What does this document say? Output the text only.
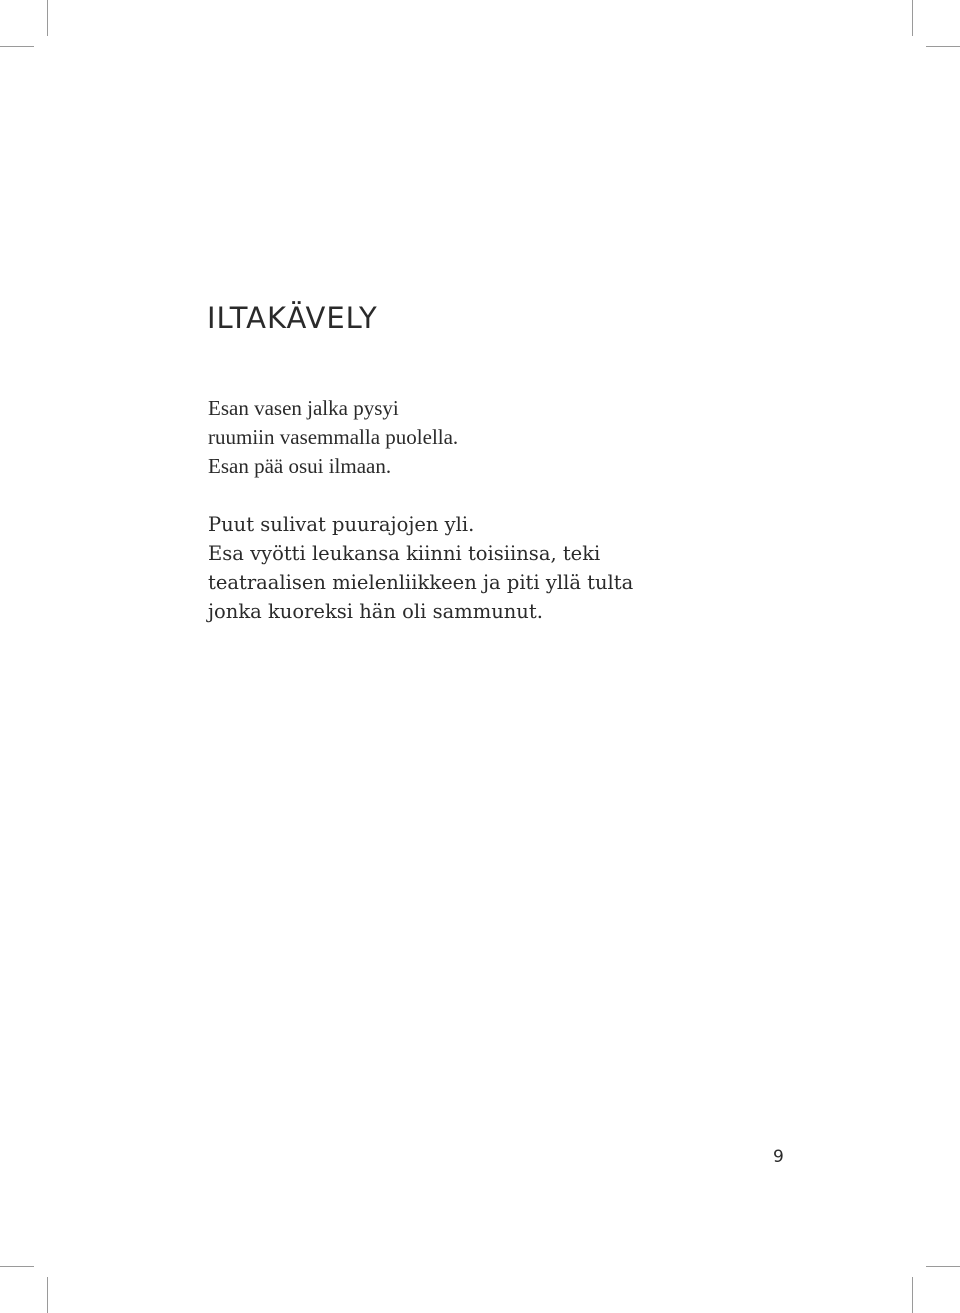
ILTAKÄVELY

Esan vasen jalka pysyi
ruumiin vasemmalla puolella.
Esan pää osui ilmaan.

Puut sulivat puurajojen yli.
Esa vyötti leukansa kiinni toisiinsa, teki
teatraalisen mielenliikkeen ja piti yllä tulta
jonka kuoreksi hän oli sammunut.

9
